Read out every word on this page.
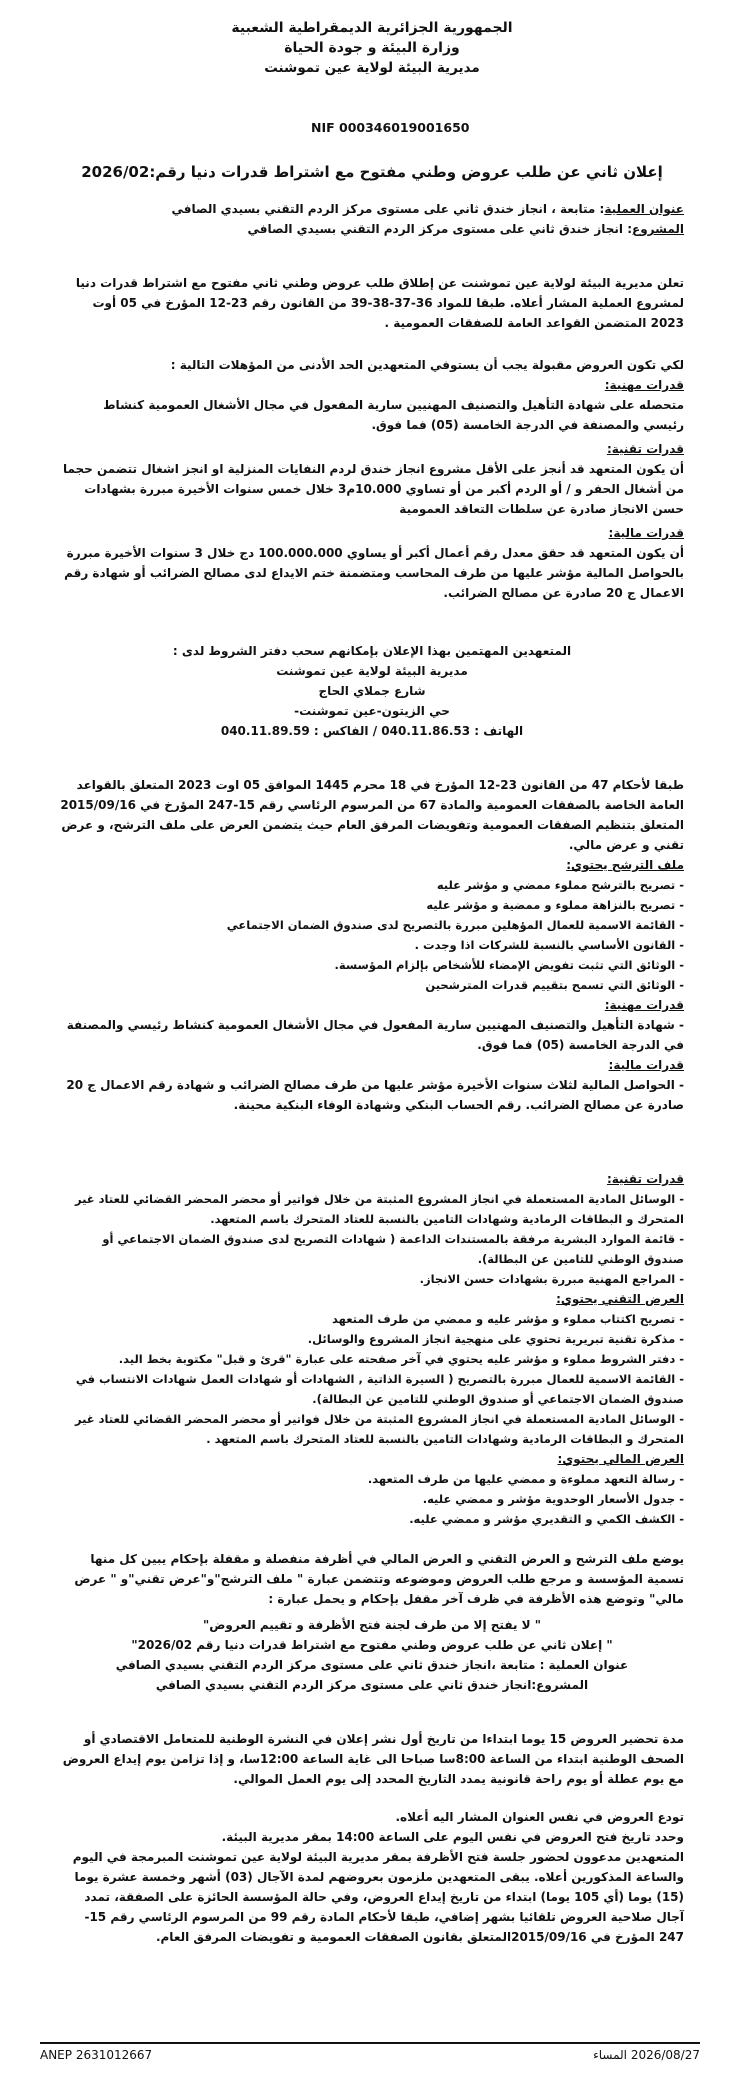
الجمهورية الجزائرية الديمقراطية الشعبية

وزارة البيئة و جودة الحياة

مديرية البيئة لولاية عين تموشنت

NIF 000346019001650

إعلان ثاني عن طلب عروض وطني مفتوح مع اشتراط قدرات دنيا رقم:2026/02

عنوان العملية: متابعة ، انجاز خندق ثاني على مستوى مركز الردم التقني بسيدي الصافي

المشروع: انجاز خندق ثاني على مستوى مركز الردم التقني بسيدي الصافي

تعلن مديرية البيئة لولاية عين تموشنت عن إطلاق طلب عروض وطني ثاني مفتوح مع اشتراط قدرات دنيا لمشروع العملية المشار أعلاه. طبقا للمواد 36-37-38-39 من القانون رقم 23-12 المؤرخ في 05 أوت 2023 المتضمن القواعد العامة للصفقات العمومية .

لكي تكون العروض مقبولة يجب أن يستوفي المتعهدين الحد الأدنى من المؤهلات التالية :

قدرات مهنية:

متحصله على شهادة التأهيل والتصنيف المهنيين سارية المفعول في مجال الأشغال العمومية كنشاط رئيسي والمصنفة في الدرجة الخامسة (05) فما فوق.

قدرات تقنية:

أن يكون المتعهد قد أنجز على الأقل مشروع انجاز خندق لردم النفايات المنزلية او انجز اشغال تتضمن حجما من أشغال الحفر و / أو الردم أكبر من أو تساوي 10.000م3 خلال خمس سنوات الأخيرة مبررة بشهادات حسن الانجاز صادرة عن سلطات التعاقد العمومية

قدرات مالية:

أن يكون المتعهد قد حقق معدل رقم أعمال أكبر أو يساوي 100.000.000 دج خلال 3 سنوات الأخيرة مبررة بالحواصل المالية مؤشر عليها من طرف المحاسب ومتضمنة ختم الايداع لدى مصالح الضرائب أو شهادة رقم الاعمال ج 20 صادرة عن مصالح الضرائب.

المتعهدين المهتمين بهذا الإعلان بإمكانهم سحب دفتر الشروط لدى :

مديرية البيئة لولاية عين تموشنت

شارع جملاي الحاج

حي الزيتون-عين تموشنت-

الهاتف : 040.11.86.53 / الفاكس : 040.11.89.59

طبقا لأحكام 47 من القانون 23-12 المؤرخ في 18 محرم 1445 الموافق 05 اوت 2023 المتعلق بالقواعد العامة الخاصة بالصفقات العمومية والمادة 67 من المرسوم الرئاسي رقم 15-247 المؤرخ في 2015/09/16 المتعلق بتنظيم الصفقات العمومية وتفويضات المرفق العام حيث يتضمن العرض على ملف الترشح، و عرض تقني و عرض مالي.

ملف الترشح يحتوي:

- تصريح بالترشح مملوء ممضي و مؤشر عليه
- تصريح بالنزاهة مملوء و ممضية و مؤشر عليه
- القائمة الاسمية للعمال المؤهلين مبررة بالتصريح لدى صندوق الضمان الاجتماعي
- القانون الأساسي بالنسبة للشركات اذا وجدت .
- الوثائق التي تثبت تفويض الإمضاء للأشخاص بإلزام المؤسسة.
- الوثائق التي تسمح بتقييم قدرات المترشحين

قدرات مهنية:

- شهادة التأهيل والتصنيف المهنيين سارية المفعول في مجال الأشغال العمومية كنشاط رئيسي والمصنفة في الدرجة الخامسة (05) فما فوق.

قدرات مالية:

- الحواصل المالية لثلاث سنوات الأخيرة مؤشر عليها من طرف مصالح الضرائب و شهادة رقم الاعمال ج 20 صادرة عن مصالح الضرائب. رقم الحساب البنكي وشهادة الوفاء البنكية محينة.

قدرات تقنية:

- الوسائل المادية المستعملة في انجاز المشروع المثبتة من خلال فواتير أو محضر المحضر القضائي للعتاد غير المتحرك و البطاقات الرمادية وشهادات التامين بالنسبة للعتاد المتحرك باسم المتعهد.
- قائمة الموارد البشرية مرفقة بالمستندات الداعمة ( شهادات التصريح لدى صندوق الضمان الاجتماعي أو صندوق الوطني للتامين عن البطالة).
- المراجع المهنية مبررة بشهادات حسن الانجاز.

العرض التقني يحتوي:

- تصريح اكتتاب مملوء و مؤشر عليه و ممضي من طرف المتعهد
- مذكرة تقنية تبريرية تحتوي على منهجية انجاز المشروع والوسائل.
- دفتر الشروط مملوء و مؤشر عليه يحتوي في آخر صفحته على عبارة "قرئ و قبل" مكتوبة بخط اليد.
- القائمة الاسمية للعمال مبررة بالتصريح ( السيرة الذاتية , الشهادات أو شهادات العمل شهادات الانتساب في صندوق الضمان الاجتماعي أو صندوق الوطني للتامين عن البطالة).
- الوسائل المادية المستعملة في انجاز المشروع المثبتة من خلال فواتير أو محضر المحضر القضائي للعتاد غير المتحرك و البطاقات الرمادية وشهادات التامين بالنسبة للعتاد المتحرك باسم المتعهد .

العرض المالي يحتوي:

- رسالة التعهد مملوءة و ممضي عليها من طرف المتعهد.
- جدول الأسعار الوحدوية مؤشر و ممضي عليه.
- الكشف الكمي و التقديري مؤشر و ممضي عليه.

يوضع ملف الترشح و العرض التقني و العرض المالي في أظرفة منفصلة و مقفلة بإحكام يبين كل منها تسمية المؤسسة و مرجع طلب العروض وموضوعه وتتضمن عبارة " ملف الترشح"و"عرض تقني"و " عرض مالي" وتوضع هذه الأظرفة في ظرف آخر مقفل بإحكام و يحمل عبارة :

" لا يفتح إلا من طرف لجنة فتح الأظرفة و تقييم العروض"

" إعلان ثاني عن طلب عروض وطني مفتوح مع اشتراط قدرات دنيا رقم 2026/02"

عنوان العملية : متابعة ،انجاز خندق ثاني على مستوى مركز الردم التقني بسيدي الصافي

المشروع:انجاز خندق ثاني على مستوى مركز الردم التقني بسيدي الصافي

مدة تحضير العروض 15 يوما ابتداءا من تاريخ أول نشر إعلان في النشرة الوطنية للمتعامل الاقتصادي أو الصحف الوطنية ابتداء من الساعة 8:00سا صباحا الى غاية الساعة 12:00سا، و إذا تزامن يوم إيداع العروض مع يوم عطلة أو يوم راحة قانونية يمدد التاريخ المحدد إلى يوم العمل الموالي.

تودع العروض في نفس العنوان المشار اليه أعلاه.

وحدد تاريخ فتح العروض في نفس اليوم على الساعة 14:00 بمقر مديرية البيئة.

المتعهدين مدعوون لحضور جلسة فتح الأظرفة بمقر مديرية البيئة لولاية عين تموشنت المبرمجة في اليوم والساعة المذكورين أعلاه. يبقى المتعهدين ملزمون بعروضهم لمدة الآجال (03) أشهر وخمسة عشرة يوما (15) يوما (أي 105 يوما) ابتداء من تاريخ إيداع العروض، وفي حالة المؤسسة الحائزة على الصفقة، تمدد آجال صلاحية العروض تلقائيا بشهر إضافي، طبقا لأحكام المادة رقم 99 من المرسوم الرئاسي رقم 15-247 المؤرخ في 2015/09/16المتعلق بقانون الصفقات العمومية و تفويضات المرفق العام.

ANEP 2631012667	2026/08/27 المساء
